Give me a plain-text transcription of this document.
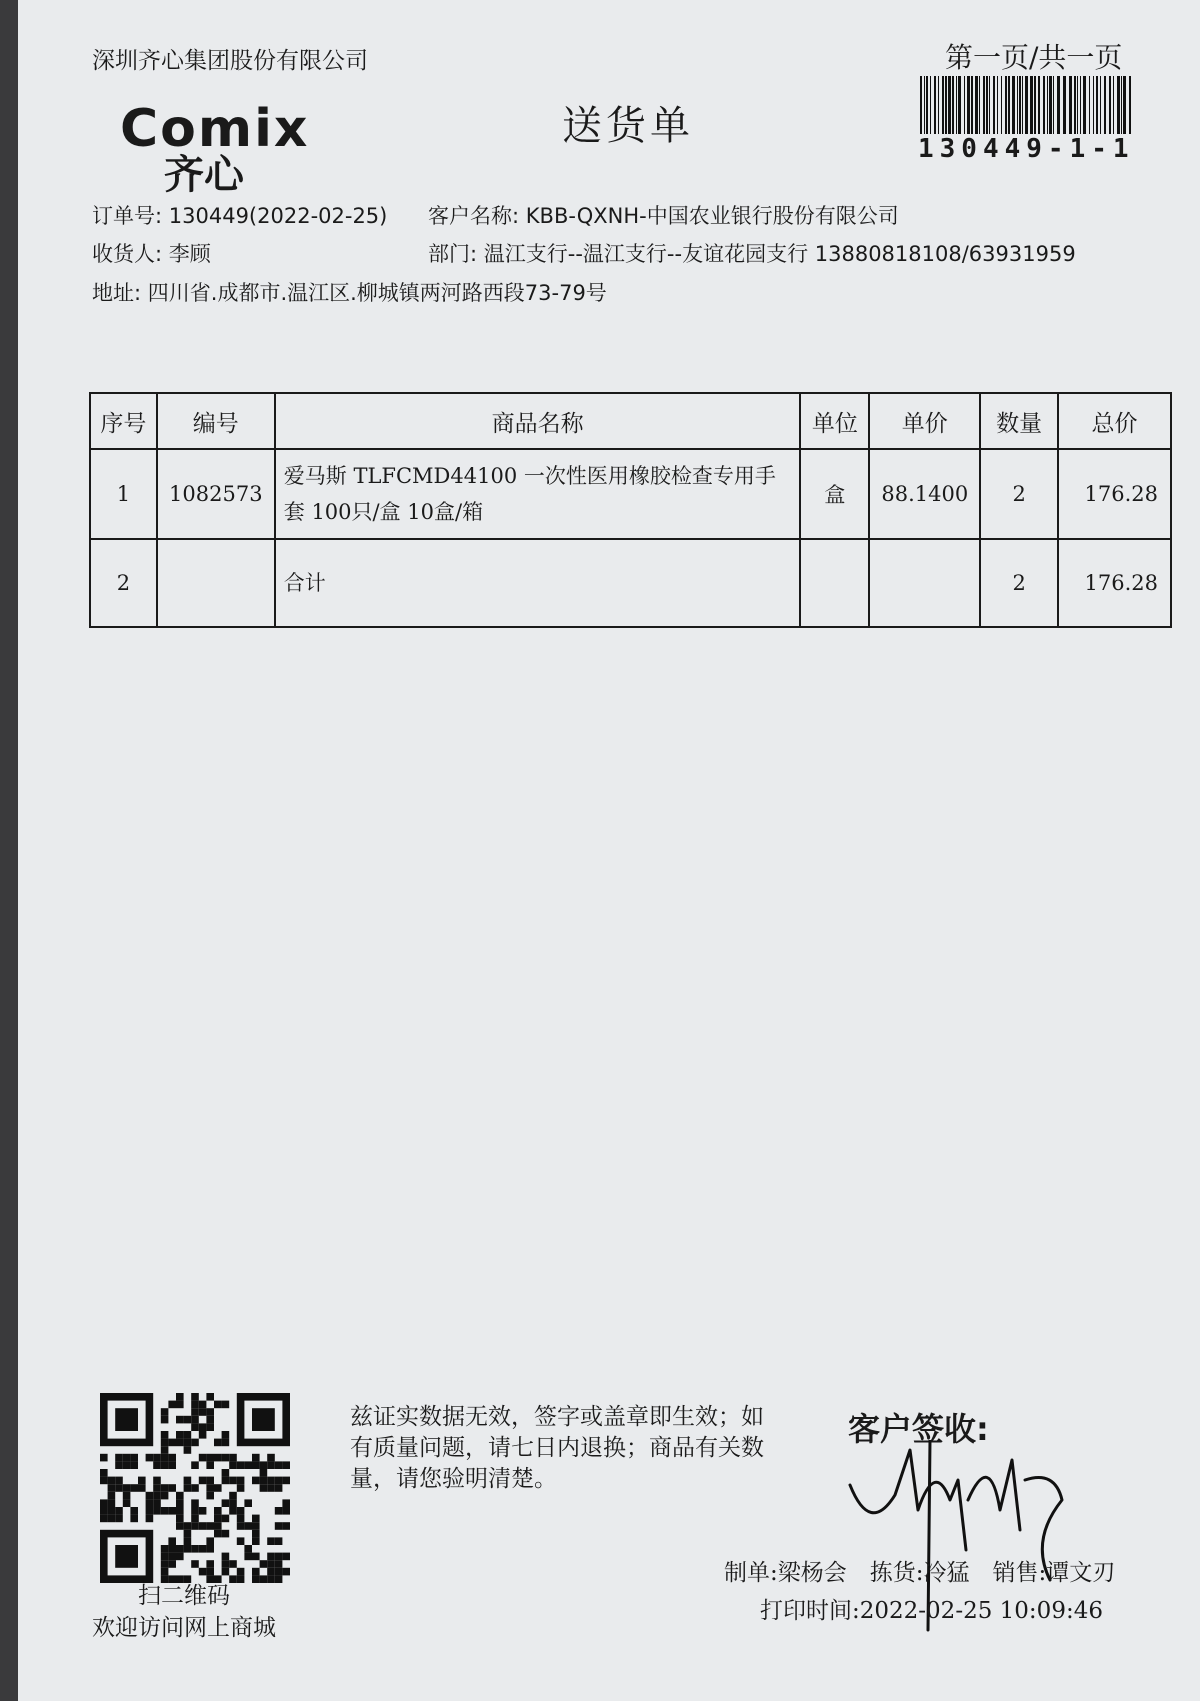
深圳齐心集团股份有限公司	第一页/共一页
Comix
齐心
送货单	130449-1-1
订单号: 130449(2022-02-25) 客户名称: KBB-QXNH-中国农业银行股份有限公司
收货人: 李顾	部门: 温江支行--温江支行--友谊花园支行 13880818108/63931959
地址: 四川省.成都市.温江区.柳城镇两河路西段73-79号
序号	编号	商品名称	单位	单价	数量	总价
1	1082573	爱马斯 TLFCMD44100 一次性医用橡胶检查专用手套 100只/盒 10盒/箱	盒	88.1400	2	176.28
2		合计			2	176.28
扫二维码
欢迎访问网上商城
兹证实数据无效，签字或盖章即生效；如有质量问题，请七日内退换；商品有关数量，请您验明清楚。
客户签收:
制单:梁杨会　拣货:冷猛　销售:谭文刃
打印时间:2022-02-25 10:09:46
